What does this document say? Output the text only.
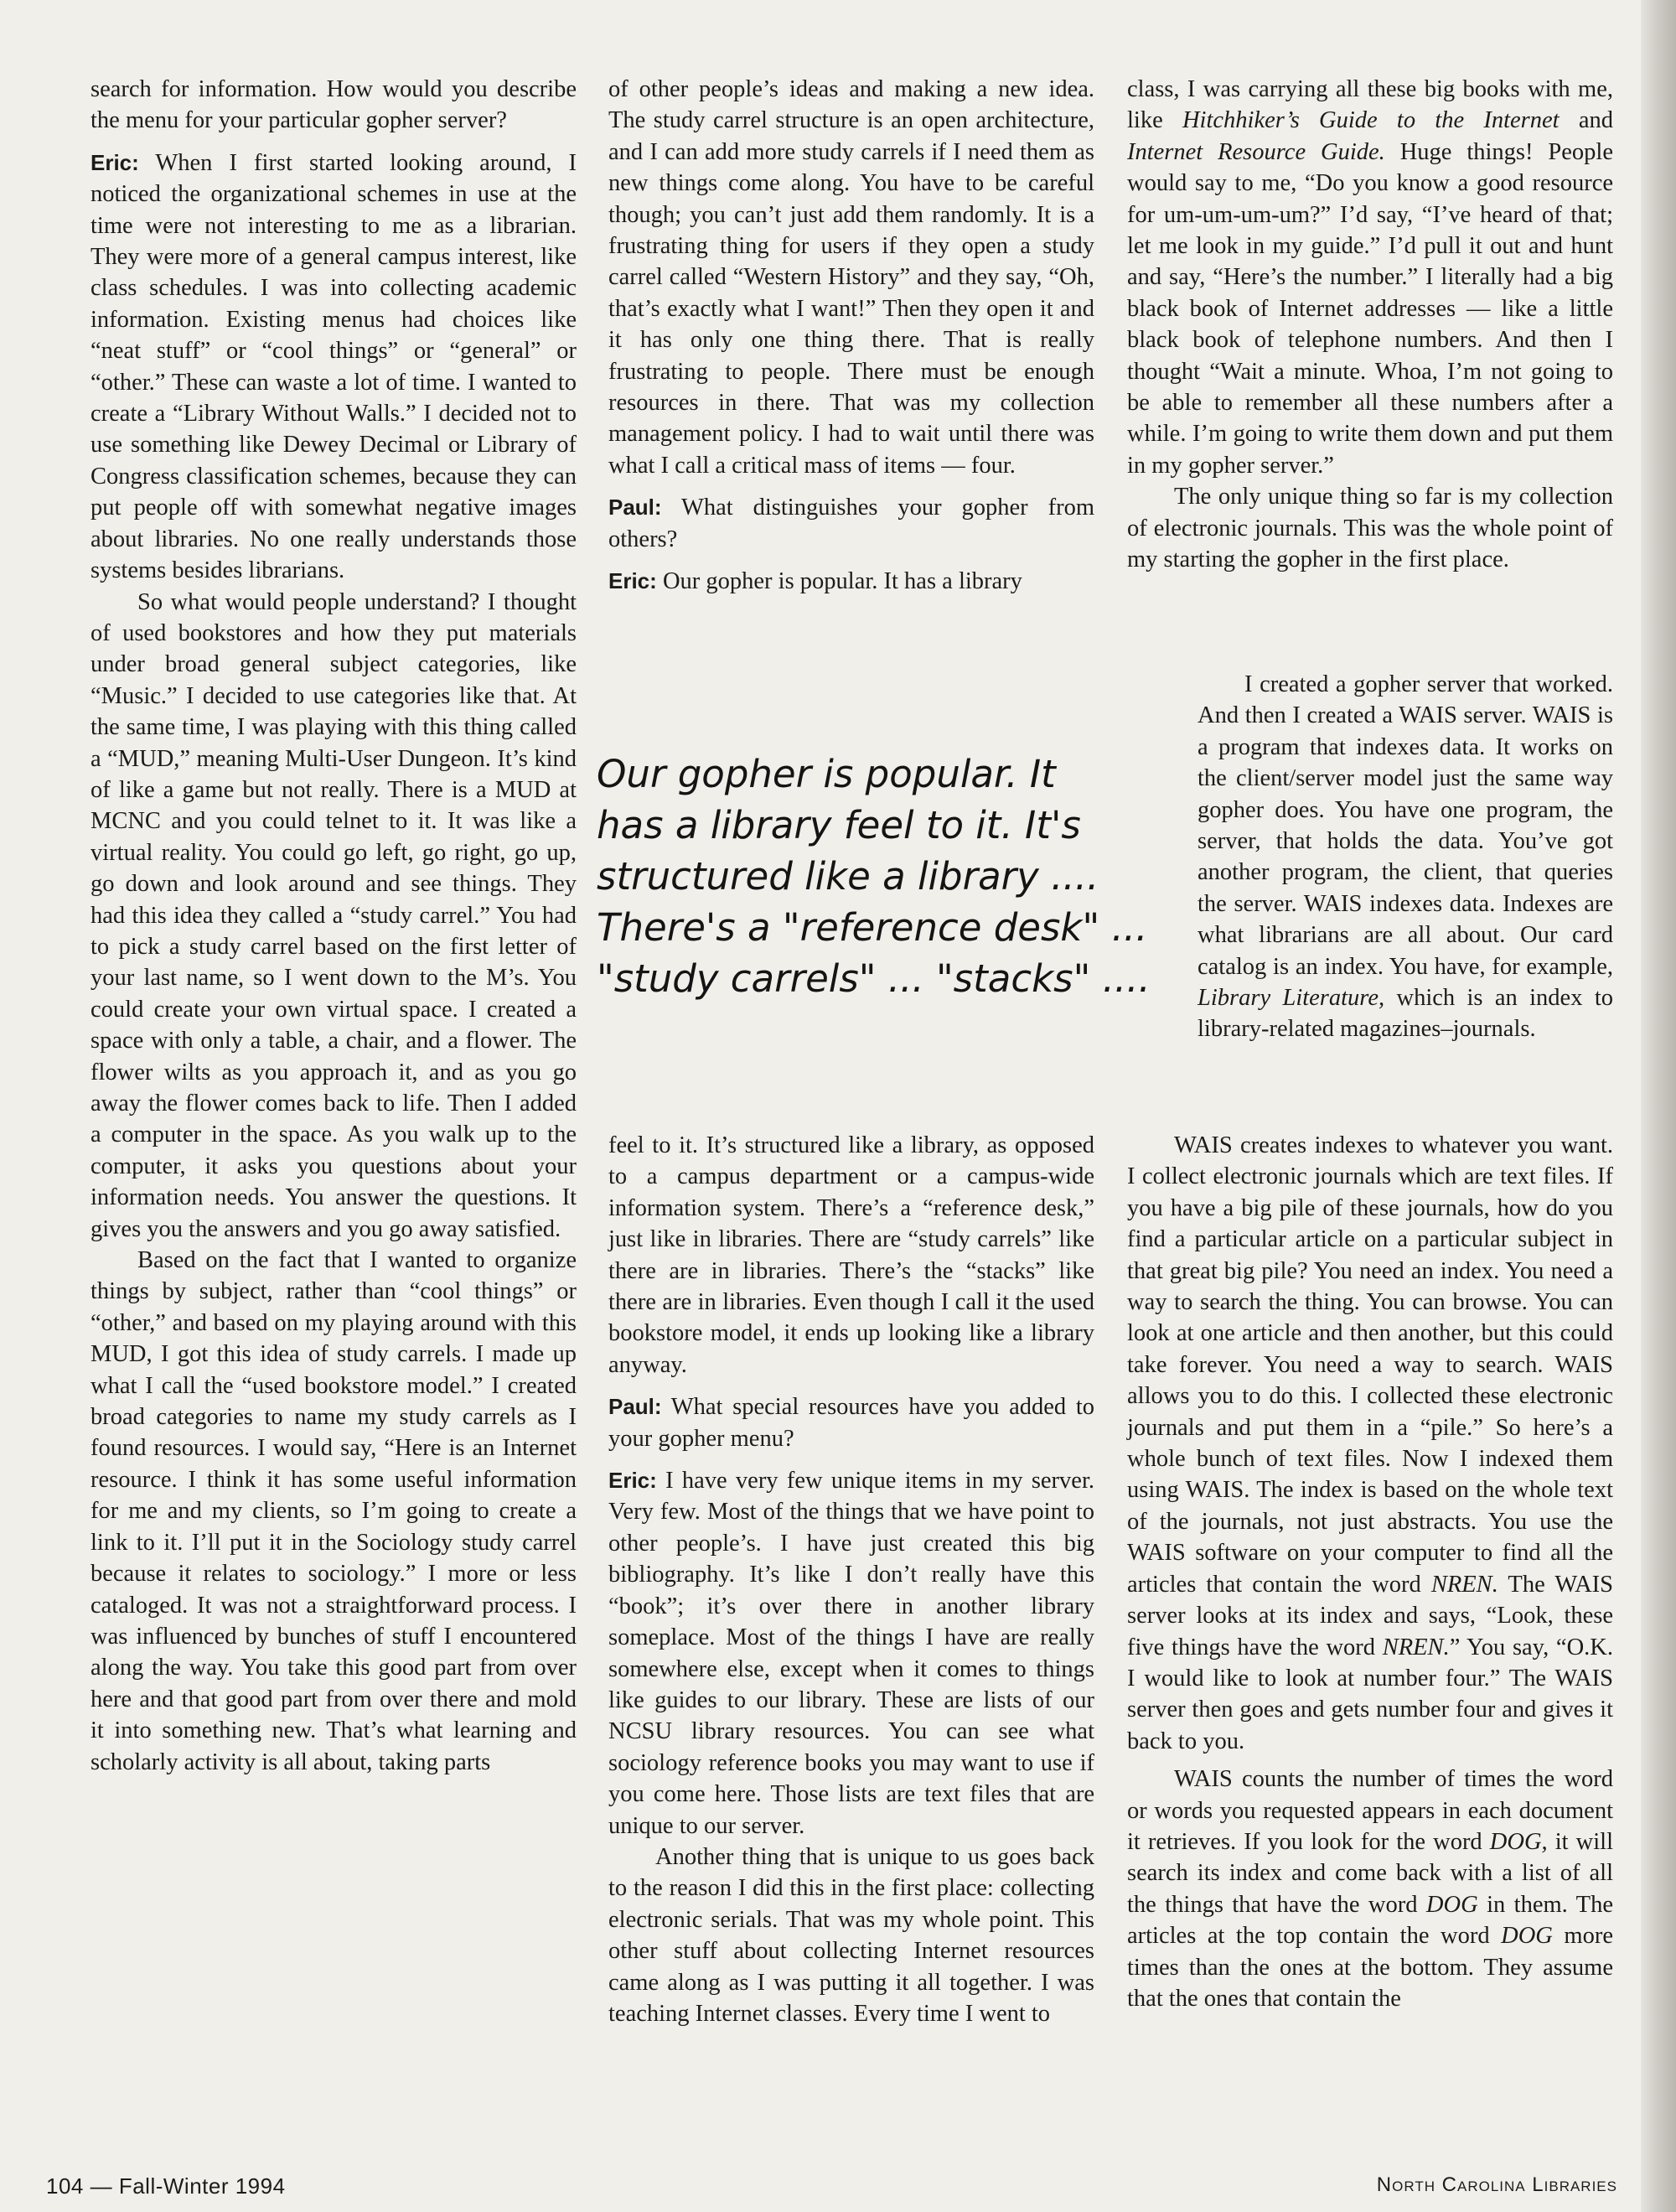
search for information. How would you describe the menu for your particular gopher server?

Eric: When I first started looking around, I noticed the organizational schemes in use at the time were not interesting to me as a librarian. They were more of a general campus interest, like class schedules. I was into collecting academic information. Existing menus had choices like “neat stuff” or “cool things” or “general” or “other.” These can waste a lot of time. I wanted to create a “Library Without Walls.” I decided not to use something like Dewey Decimal or Library of Congress classification schemes, because they can put people off with somewhat negative images about libraries. No one really understands those systems besides librarians.

So what would people understand? I thought of used bookstores and how they put materials under broad general subject categories, like “Music.” I decided to use categories like that. At the same time, I was playing with this thing called a “MUD,” meaning Multi-User Dungeon. It’s kind of like a game but not really. There is a MUD at MCNC and you could telnet to it. It was like a virtual reality. You could go left, go right, go up, go down and look around and see things. They had this idea they called a “study carrel.” You had to pick a study carrel based on the first letter of your last name, so I went down to the M’s. You could create your own virtual space. I created a space with only a table, a chair, and a flower. The flower wilts as you approach it, and as you go away the flower comes back to life. Then I added a computer in the space. As you walk up to the computer, it asks you questions about your information needs. You answer the questions. It gives you the answers and you go away satisfied.

Based on the fact that I wanted to organize things by subject, rather than “cool things” or “other,” and based on my playing around with this MUD, I got this idea of study carrels. I made up what I call the “used bookstore model.” I created broad categories to name my study carrels as I found resources. I would say, “Here is an Internet resource. I think it has some useful information for me and my clients, so I’m going to create a link to it. I’ll put it in the Sociology study carrel because it relates to sociology.” I more or less cataloged. It was not a straightforward process. I was influenced by bunches of stuff I encountered along the way. You take this good part from over here and that good part from over there and mold it into something new. That’s what learning and scholarly activity is all about, taking parts

of other people’s ideas and making a new idea. The study carrel structure is an open architecture, and I can add more study carrels if I need them as new things come along. You have to be careful though; you can’t just add them randomly. It is a frustrating thing for users if they open a study carrel called “Western History” and they say, “Oh, that’s exactly what I want!” Then they open it and it has only one thing there. That is really frustrating to people. There must be enough resources in there. That was my collection management policy. I had to wait until there was what I call a critical mass of items — four.

Paul: What distinguishes your gopher from others?

Eric: Our gopher is popular. It has a library

Our gopher is popular. It
has a library feel to it. It's
structured like a library ....
There's a "reference desk" ...
"study carrels" ... "stacks" ....

feel to it. It’s structured like a library, as opposed to a campus department or a campus-wide information system. There’s a “reference desk,” just like in libraries. There are “study carrels” like there are in libraries. There’s the “stacks” like there are in libraries. Even though I call it the used bookstore model, it ends up looking like a library anyway.

Paul: What special resources have you added to your gopher menu?

Eric: I have very few unique items in my server. Very few. Most of the things that we have point to other people’s. I have just created this big bibliography. It’s like I don’t really have this “book”; it’s over there in another library someplace. Most of the things I have are really somewhere else, except when it comes to things like guides to our library. These are lists of our NCSU library resources. You can see what sociology reference books you may want to use if you come here. Those lists are text files that are unique to our server.

Another thing that is unique to us goes back to the reason I did this in the first place: collecting electronic serials. That was my whole point. This other stuff about collecting Internet resources came along as I was putting it all together. I was teaching Internet classes. Every time I went to

class, I was carrying all these big books with me, like Hitchhiker’s Guide to the Internet and Internet Resource Guide. Huge things! People would say to me, “Do you know a good resource for um-um-um-um?” I’d say, “I’ve heard of that; let me look in my guide.” I’d pull it out and hunt and say, “Here’s the number.” I literally had a big black book of Internet addresses — like a little black book of telephone numbers. And then I thought “Wait a minute. Whoa, I’m not going to be able to remember all these numbers after a while. I’m going to write them down and put them in my gopher server.”

The only unique thing so far is my collection of electronic journals. This was the whole point of my starting the gopher in the first place.

I created a gopher server that worked. And then I created a WAIS server. WAIS is a program that indexes data. It works on the client/server model just the same way gopher does. You have one program, the server, that holds the data. You’ve got another program, the client, that queries the server. WAIS indexes data. Indexes are what librarians are all about. Our card catalog is an index. You have, for example, Library Literature, which is an index to library-related magazines–journals.

WAIS creates indexes to whatever you want. I collect electronic journals which are text files. If you have a big pile of these journals, how do you find a particular article on a particular subject in that great big pile? You need an index. You need a way to search the thing. You can browse. You can look at one article and then another, but this could take forever. You need a way to search. WAIS allows you to do this. I collected these electronic journals and put them in a “pile.” So here’s a whole bunch of text files. Now I indexed them using WAIS. The index is based on the whole text of the journals, not just abstracts. You use the WAIS software on your computer to find all the articles that contain the word NREN. The WAIS server looks at its index and says, “Look, these five things have the word NREN.” You say, “O.K. I would like to look at number four.” The WAIS server then goes and gets number four and gives it back to you.

WAIS counts the number of times the word or words you requested appears in each document it retrieves. If you look for the word DOG, it will search its index and come back with a list of all the things that have the word DOG in them. The articles at the top contain the word DOG more times than the ones at the bottom. They assume that the ones that contain the

104 — Fall-Winter 1994	North Carolina Libraries
